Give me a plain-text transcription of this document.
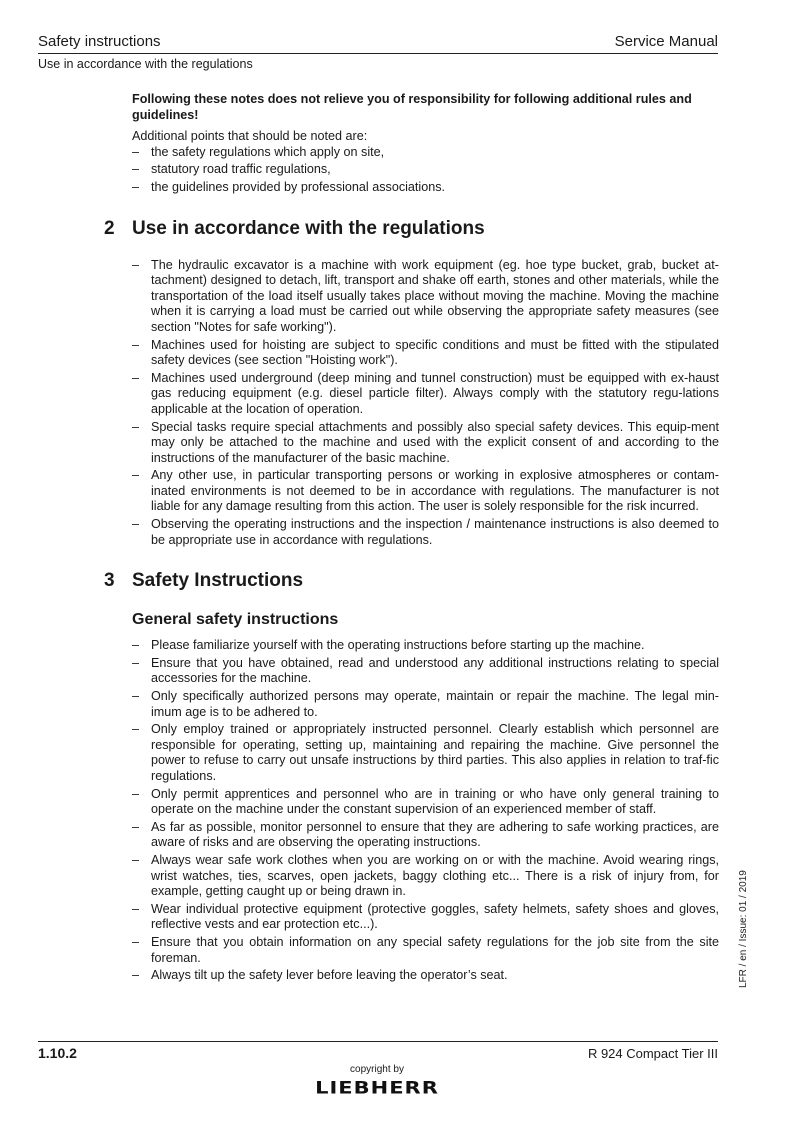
Safety instructions	Service Manual
Use in accordance with the regulations

Following these notes does not relieve you of responsibility for following additional rules and guidelines!

Additional points that should be noted are:

– the safety regulations which apply on site,
– statutory road traffic regulations,
– the guidelines provided by professional associations.
2 Use in accordance with the regulations
– The hydraulic excavator is a machine with work equipment (eg. hoe type bucket, grab, bucket at-tachment) designed to detach, lift, transport and shake off earth, stones and other materials, while the transportation of the load itself usually takes place without moving the machine. Moving the machine when it is carrying a load must be carried out while observing the appropriate safety measures (see section "Notes for safe working").
– Machines used for hoisting are subject to specific conditions and must be fitted with the stipulated safety devices (see section "Hoisting work").
– Machines used underground (deep mining and tunnel construction) must be equipped with ex-haust gas reducing equipment (e.g. diesel particle filter). Always comply with the statutory regu-lations applicable at the location of operation.
– Special tasks require special attachments and possibly also special safety devices. This equip-ment may only be attached to the machine and used with the explicit consent of and according to the instructions of the manufacturer of the basic machine.
– Any other use, in particular transporting persons or working in explosive atmospheres or contam-inated environments is not deemed to be in accordance with regulations. The manufacturer is not liable for any damage resulting from this action. The user is solely responsible for the risk incurred.
– Observing the operating instructions and the inspection / maintenance instructions is also deemed to be appropriate use in accordance with regulations.
3 Safety Instructions
General safety instructions
– Please familiarize yourself with the operating instructions before starting up the machine.
– Ensure that you have obtained, read and understood any additional instructions relating to special accessories for the machine.
– Only specifically authorized persons may operate, maintain or repair the machine. The legal min-imum age is to be adhered to.
– Only employ trained or appropriately instructed personnel. Clearly establish which personnel are responsible for operating, setting up, maintaining and repairing the machine. Give personnel the power to refuse to carry out unsafe instructions by third parties. This also applies in relation to traf-fic regulations.
– Only permit apprentices and personnel who are in training or who have only general training to operate on the machine under the constant supervision of an experienced member of staff.
– As far as possible, monitor personnel to ensure that they are adhering to safe working practices, are aware of risks and are observing the operating instructions.
– Always wear safe work clothes when you are working on or with the machine. Avoid wearing rings, wrist watches, ties, scarves, open jackets, baggy clothing etc... There is a risk of injury from, for example, getting caught up or being drawn in.
– Wear individual protective equipment (protective goggles, safety helmets, safety shoes and gloves, reflective vests and ear protection etc...).
– Ensure that you obtain information on any special safety regulations for the job site from the site foreman.
– Always tilt up the safety lever before leaving the operator’s seat.	LFR / en / Issue: 01 / 2019
1.10.2	R 924 Compact Tier III
copyright by
LIEBHERR
